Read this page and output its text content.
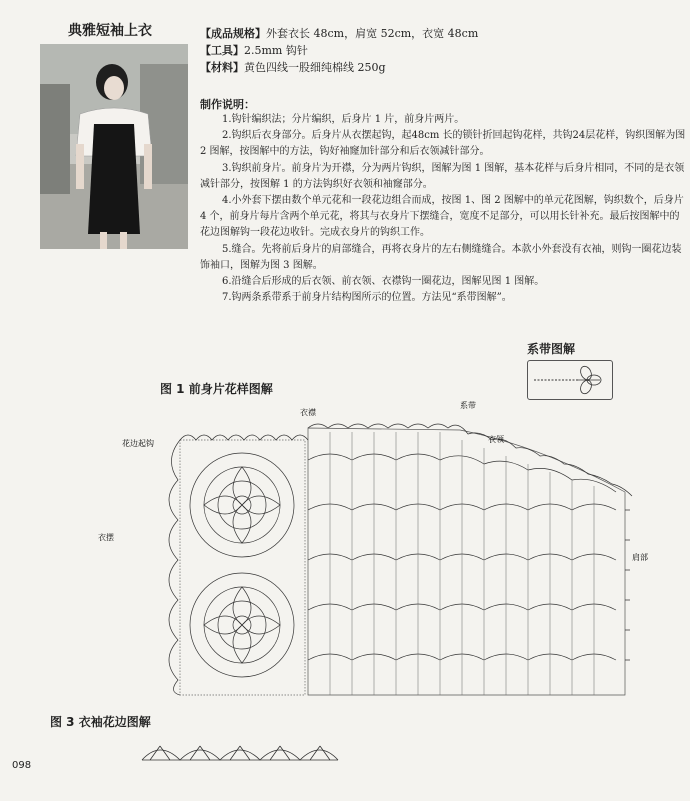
典雅短袖上衣	【成品规格】外套衣长 48cm，肩宽 52cm，衣宽 48cm
【工具】2.5mm 钩针
【材料】黄色四线一股细纯棉线 250g
制作说明：

1.钩针编织法；分片编织，后身片 1 片，前身片两片。

2.钩织后衣身部分。后身片从衣摆起钩，起48cm 长的锁针折回起钩花样，共钩24层花样，钩织图解为图 2 图解，按图解中的方法，钩好袖窿加针部分和后衣领减针部分。

3.钩织前身片。前身片为开襟，分为两片钩织，图解为图 1 图解，基本花样与后身片相同，不同的是衣领减针部分，按图解 1 的方法钩织好衣领和袖窿部分。

4.小外套下摆由数个单元花和一段花边组合而成，按图 1、图 2 图解中的单元花图解，钩织数个，后身片 4 个，前身片每片含两个单元花，将其与衣身片下摆缝合，宽度不足部分，可以用长针补充。最后按图解中的花边图解钩一段花边收针。完成衣身片的钩织工作。

5.缝合。先将前后身片的肩部缝合，再将衣身片的左右侧缝缝合。本款小外套没有衣袖，则钩一圈花边装饰袖口，图解为图 3 图解。

6.沿缝合后形成的后衣领、前衣领、衣襟钩一圈花边，图解见图 1 图解。

7.钩两条系带系于前身片结构图所示的位置。方法见“系带图解”。

系带图解
图 1 前身片花样图解
衣襟
系带
花边起钩	衣领
衣摆
肩部
图 3 衣袖花边图解
098
